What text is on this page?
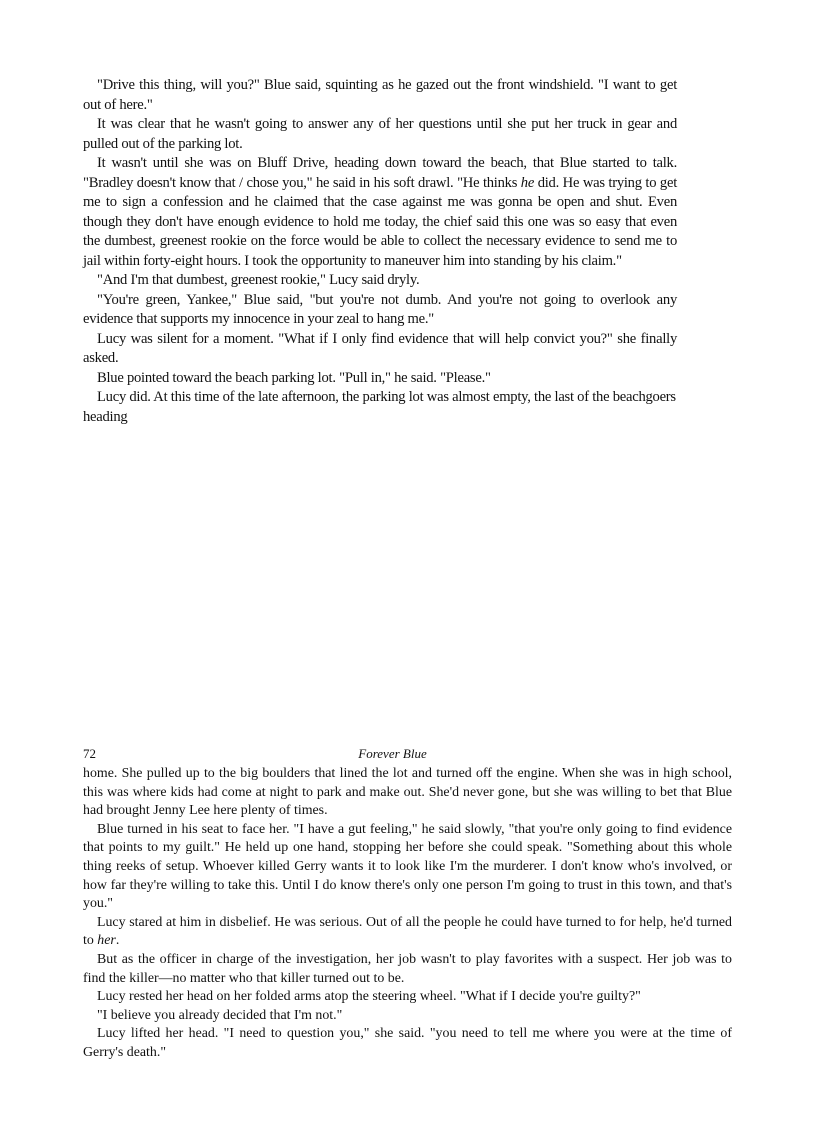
"Drive this thing, will you?" Blue said, squinting as he gazed out the front windshield. "I want to get out of here."

It was clear that he wasn't going to answer any of her questions until she put her truck in gear and pulled out of the parking lot.

It wasn't until she was on Bluff Drive, heading down toward the beach, that Blue started to talk. "Bradley doesn't know that / chose you," he said in his soft drawl. "He thinks he did. He was trying to get me to sign a confession and he claimed that the case against me was gonna be open and shut. Even though they don't have enough evidence to hold me today, the chief said this one was so easy that even the dumbest, greenest rookie on the force would be able to collect the necessary evidence to send me to jail within forty-eight hours. I took the opportunity to maneuver him into standing by his claim."

"And I'm that dumbest, greenest rookie," Lucy said dryly.

"You're green, Yankee," Blue said, "but you're not dumb. And you're not going to overlook any evidence that supports my innocence in your zeal to hang me."

Lucy was silent for a moment. "What if I only find evidence that will help convict you?" she finally asked.

Blue pointed toward the beach parking lot. "Pull in," he said. "Please."

Lucy did. At this time of the late afternoon, the parking lot was almost empty, the last of the beachgoers heading

72	Forever Blue

home. She pulled up to the big boulders that lined the lot and turned off the engine. When she was in high school, this was where kids had come at night to park and make out. She'd never gone, but she was willing to bet that Blue had brought Jenny Lee here plenty of times.

Blue turned in his seat to face her. "I have a gut feeling," he said slowly, "that you're only going to find evidence that points to my guilt." He held up one hand, stopping her before she could speak. "Something about this whole thing reeks of setup. Whoever killed Gerry wants it to look like I'm the murderer. I don't know who's involved, or how far they're willing to take this. Until I do know there's only one person I'm going to trust in this town, and that's you."

Lucy stared at him in disbelief. He was serious. Out of all the people he could have turned to for help, he'd turned to her.

But as the officer in charge of the investigation, her job wasn't to play favorites with a suspect. Her job was to find the killer—no matter who that killer turned out to be.

Lucy rested her head on her folded arms atop the steering wheel. "What if I decide you're guilty?"

"I believe you already decided that I'm not."

Lucy lifted her head. "I need to question you," she said. "you need to tell me where you were at the time of Gerry's death."
